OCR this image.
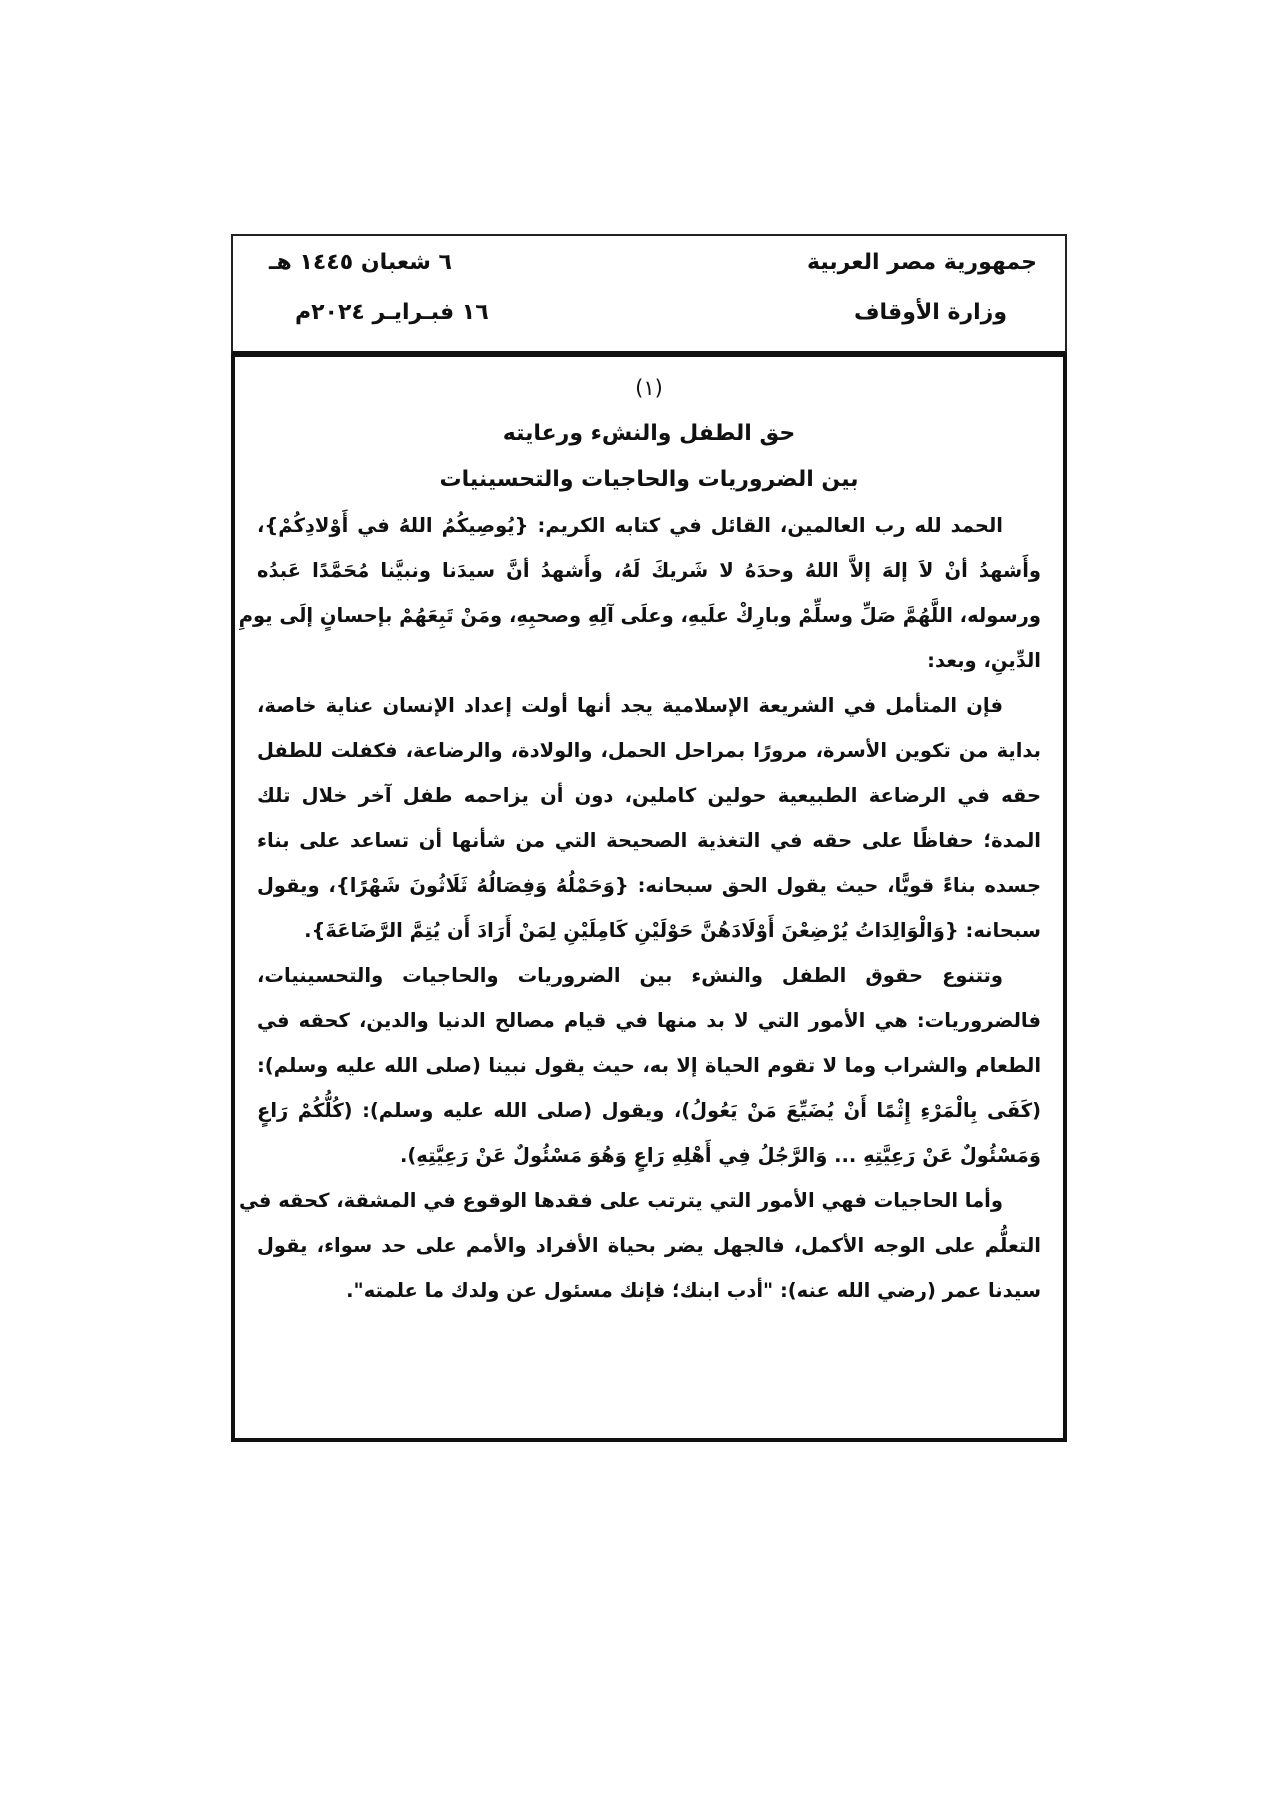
جمهورية مصر العربية
وزارة الأوقاف
٦ شعبان ١٤٤٥ هـ
١٦ فبـرايـر ٢٠٢٤م
(١)
حق الطفل والنشء ورعايته
بين الضروريات والحاجيات والتحسينيات
الحمد لله رب العالمين، القائل في كتابه الكريم: {يُوصِيكُمُ اللهُ في أَوْلادِكُمْ}،
وأَشهدُ أنْ لاَ إلهَ إلاَّ اللهُ وحدَهُ لا شَريكَ لَهُ، وأَشهدُ أنَّ سيدَنا ونبيَّنا مُحَمَّدًا عَبدُه
ورسوله، اللَّهُمَّ صَلِّ وسلِّمْ وبارِكْ علَيهِ، وعلَى آلِهِ وصحبِهِ، ومَنْ تَبِعَهُمْ بإحسانٍ إلَى يومِ
الدِّينِ، وبعد:
فإن المتأمل في الشريعة الإسلامية يجد أنها أولت إعداد الإنسان عناية خاصة،
بداية من تكوين الأسرة، مرورًا بمراحل الحمل، والولادة، والرضاعة، فكفلت للطفل
حقه في الرضاعة الطبيعية حولين كاملين، دون أن يزاحمه طفل آخر خلال تلك
المدة؛ حفاظًا على حقه في التغذية الصحيحة التي من شأنها أن تساعد على بناء
جسده بناءً قويًّا، حيث يقول الحق سبحانه: {وَحَمْلُهُ وَفِصَالُهُ ثَلَاثُونَ شَهْرًا}، ويقول
سبحانه: {وَالْوَالِدَاتُ يُرْضِعْنَ أَوْلَادَهُنَّ حَوْلَيْنِ كَامِلَيْنِ لِمَنْ أَرَادَ أَن يُتِمَّ الرَّضَاعَةَ}.
وتتنوع حقوق الطفل والنشء بين الضروريات والحاجيات والتحسينيات،
فالضروريات: هي الأمور التي لا بد منها في قيام مصالح الدنيا والدين، كحقه في
الطعام والشراب وما لا تقوم الحياة إلا به، حيث يقول نبينا (صلى الله عليه وسلم):
(كَفَى بِالْمَرْءِ إِثْمًا أَنْ يُضَيِّعَ مَنْ يَعُولُ)، ويقول (صلى الله عليه وسلم): (كُلُّكُمْ رَاعٍ
وَمَسْئُولٌ عَنْ رَعِيَّتِهِ ... وَالرَّجُلُ فِي أَهْلِهِ رَاعٍ وَهُوَ مَسْئُولٌ عَنْ رَعِيَّتِهِ).
وأما الحاجيات فهي الأمور التي يترتب على فقدها الوقوع في المشقة، كحقه في
التعلُّم على الوجه الأكمل، فالجهل يضر بحياة الأفراد والأمم على حد سواء، يقول
سيدنا عمر (رضي الله عنه): "أدب ابنك؛ فإنك مسئول عن ولدك ما علمته".
